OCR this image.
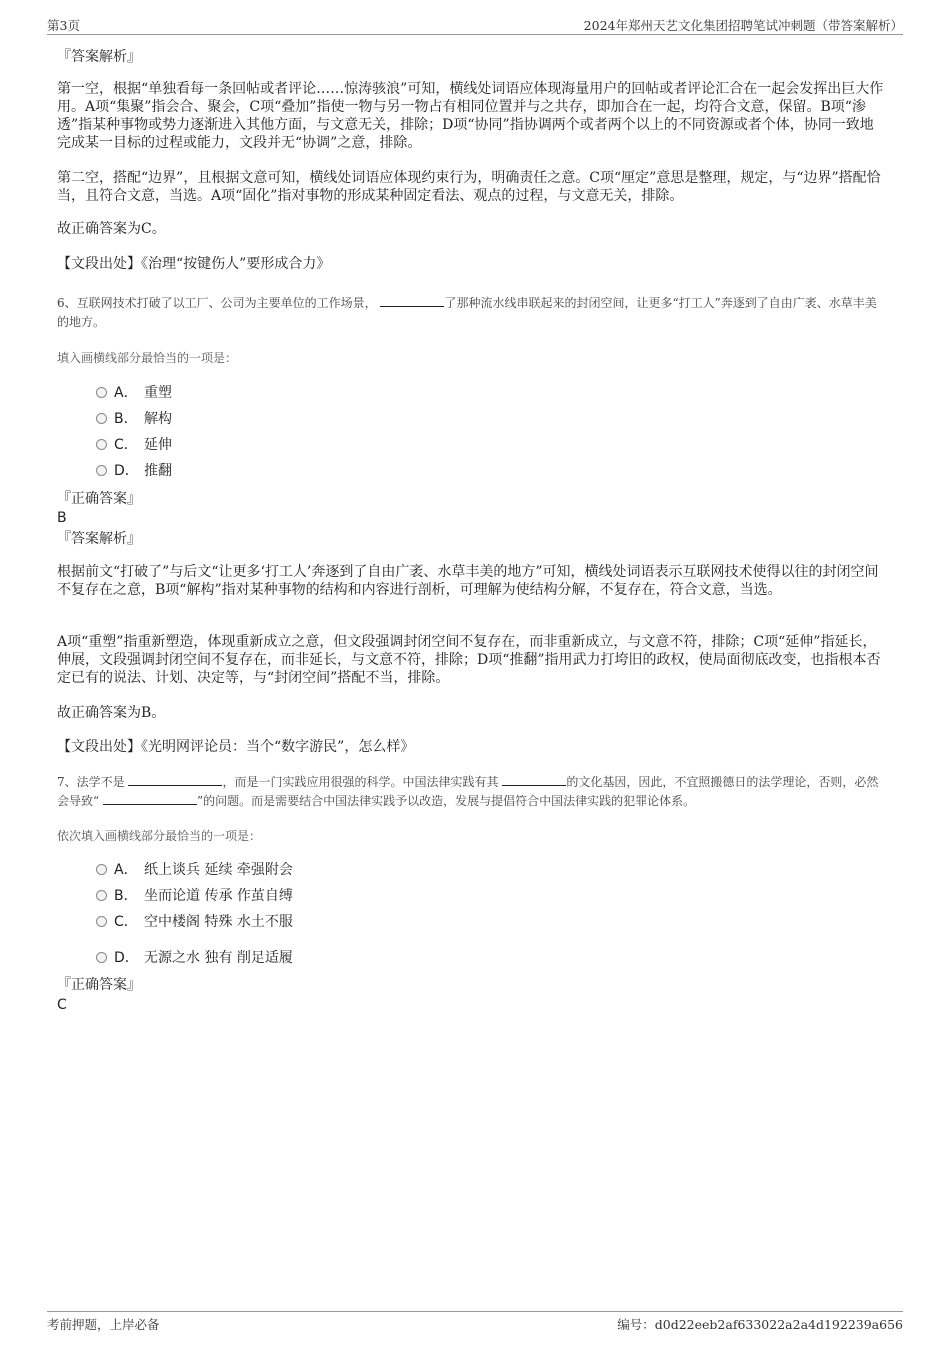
第3页	2024年郑州天艺文化集团招聘笔试冲刺题（带答案解析）
『答案解析』
第一空，根据“单独看每一条回帖或者评论……惊涛骇浪”可知，横线处词语应体现海量用户的回帖或者评论汇合在一起会发挥出巨大作用。A项“集聚”指会合、聚会，C项“叠加”指使一物与另一物占有相同位置并与之共存，即加合在一起，均符合文意，保留。B项“渗透”指某种事物或势力逐渐进入其他方面，与文意无关，排除；D项“协同”指协调两个或者两个以上的不同资源或者个体，协同一致地完成某一目标的过程或能力，文段并无“协调”之意，排除。
第二空，搭配“边界”，且根据文意可知，横线处词语应体现约束行为，明确责任之意。C项“厘定”意思是整理，规定，与“边界”搭配恰当，且符合文意，当选。A项“固化”指对事物的形成某种固定看法、观点的过程，与文意无关，排除。
故正确答案为C。
【文段出处】《治理“按键伤人”要形成合力》
6、互联网技术打破了以工厂、公司为主要单位的工作场景，	了那种流水线串联起来的封闭空间，让更多“打工人”奔逐到了自由广袤、水草丰美的地方。
填入画横线部分最恰当的一项是：
A． 重塑
B． 解构
C． 延伸
D． 推翻
『正确答案』
B
『答案解析』
根据前文“打破了”与后文“让更多‘打工人’奔逐到了自由广袤、水草丰美的地方”可知，横线处词语表示互联网技术使得以往的封闭空间不复存在之意，B项“解构”指对某种事物的结构和内容进行剖析，可理解为使结构分解，不复存在，符合文意，当选。
A项“重塑”指重新塑造，体现重新成立之意，但文段强调封闭空间不复存在，而非重新成立，与文意不符，排除；C项“延伸”指延长，伸展，文段强调封闭空间不复存在，而非延长，与文意不符，排除；D项“推翻”指用武力打垮旧的政权，使局面彻底改变，也指根本否定已有的说法、计划、决定等，与“封闭空间”搭配不当，排除。
故正确答案为B。
【文段出处】《光明网评论员：当个“数字游民”，怎么样》
7、法学不是	，而是一门实践应用很强的科学。中国法律实践有其	的文化基因，因此，不宜照搬德日的法学理论，否则，必然会导致“	”的问题。而是需要结合中国法律实践予以改造，发展与提倡符合中国法律实践的犯罪论体系。
依次填入画横线部分最恰当的一项是：
A． 纸上谈兵 延续 牵强附会
B． 坐而论道 传承 作茧自缚
C． 空中楼阁 特殊 水土不服
D． 无源之水 独有 削足适履
『正确答案』
C
考前押题，上岸必备	编号：d0d22eeb2af633022a2a4d192239a656
